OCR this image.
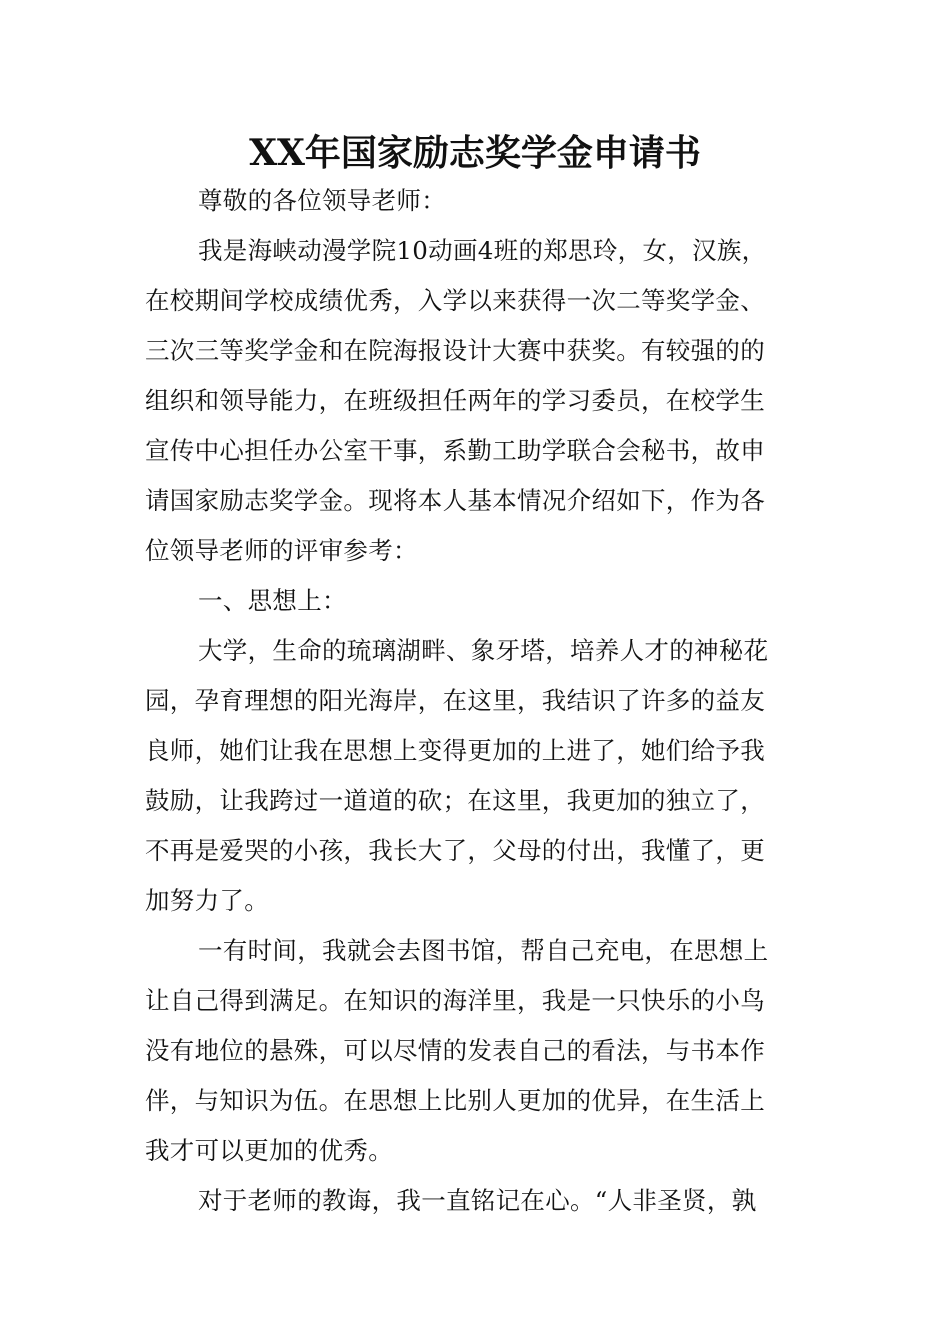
XX年国家励志奖学金申请书
尊敬的各位领导老师：
我是海峡动漫学院10动画4班的郑思玲，女，汉族，
在校期间学校成绩优秀，入学以来获得一次二等奖学金、
三次三等奖学金和在院海报设计大赛中获奖。有较强的的
组织和领导能力，在班级担任两年的学习委员，在校学生
宣传中心担任办公室干事，系勤工助学联合会秘书，故申
请国家励志奖学金。现将本人基本情况介绍如下，作为各
位领导老师的评审参考：
一、思想上：
大学，生命的琉璃湖畔、象牙塔，培养人才的神秘花
园，孕育理想的阳光海岸，在这里，我结识了许多的益友
良师，她们让我在思想上变得更加的上进了，她们给予我
鼓励，让我跨过一道道的砍；在这里，我更加的独立了，
不再是爱哭的小孩，我长大了，父母的付出，我懂了，更
加努力了。
一有时间，我就会去图书馆，帮自己充电，在思想上
让自己得到满足。在知识的海洋里，我是一只快乐的小鸟
没有地位的悬殊，可以尽情的发表自己的看法，与书本作
伴，与知识为伍。在思想上比别人更加的优异，在生活上
我才可以更加的优秀。
对于老师的教诲，我一直铭记在心。“人非圣贤，孰
